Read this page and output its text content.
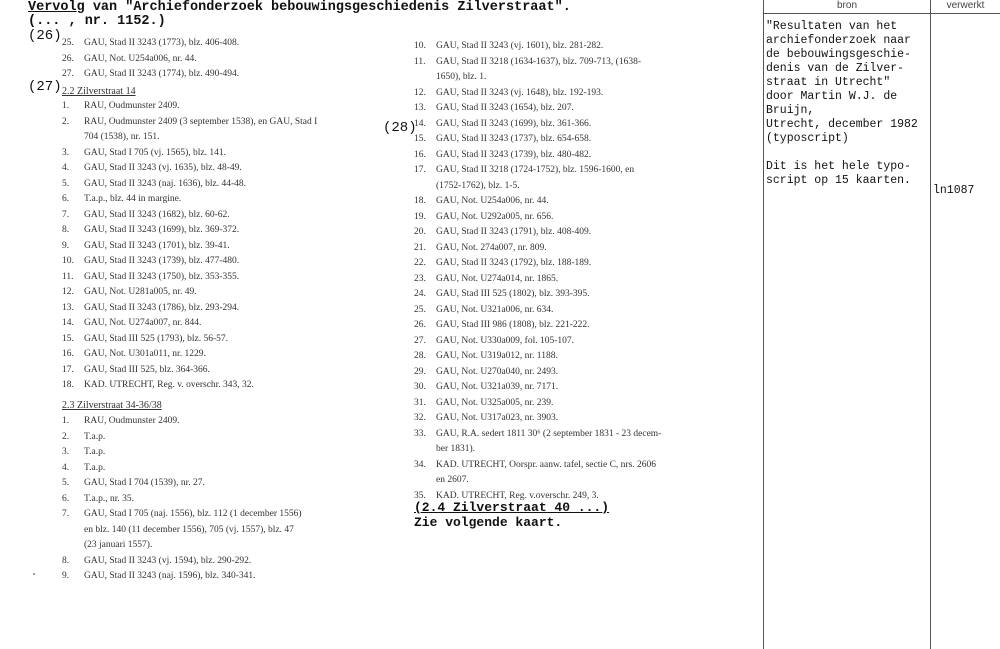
Vervolg van "Archiefonderzoek bebouwingsgeschiedenis Zilverstraat".
(... , nr. 1152.)
(26)
(27)
(28)
25.	GAU, Stad II 3243 (1773), blz. 406-408.
26.	GAU, Not. U254a006, nr. 44.
27.	GAU, Stad II 3243 (1774), blz. 490-494.
2.2 Zilverstraat 14
1.	RAU, Oudmunster 2409.
2.	RAU, Oudmunster 2409 (3 september 1538), en GAU, Stad I
704 (1538), nr. 151.
3.	GAU, Stad I 705 (vj. 1565), blz. 141.
4.	GAU, Stad II 3243 (vj. 1635), blz. 48-49.
5.	GAU, Stad II 3243 (naj. 1636), blz. 44-48.
6.	T.a.p., blz. 44 in margine.
7.	GAU, Stad II 3243 (1682), blz. 60-62.
8.	GAU, Stad II 3243 (1699), blz. 369-372.
9.	GAU, Stad II 3243 (1701), blz. 39-41.
10.	GAU, Stad II 3243 (1739), blz. 477-480.
11.	GAU, Stad II 3243 (1750), blz. 353-355.
12.	GAU, Not. U281a005, nr. 49.
13.	GAU, Stad II 3243 (1786), blz. 293-294.
14.	GAU, Not. U274a007, nr. 844.
15.	GAU, Stad III 525 (1793), blz. 56-57.
16.	GAU, Not. U301a011, nr. 1229.
17.	GAU, Stad III 525, blz. 364-366.
18.	KAD. UTRECHT, Reg. v. overschr. 343, 32.
2.3 Zilverstraat 34-36/38
1.	RAU, Oudmunster 2409.
2.	T.a.p.
3.	T.a.p.
4.	T.a.p.
5.	GAU, Stad I 704 (1539), nr. 27.
6.	T.a.p., nr. 35.
7.	GAU, Stad I 705 (naj. 1556), blz. 112 (1 december 1556)
en blz. 140 (11 december 1556), 705 (vj. 1557), blz. 47
(23 januari 1557).
8.	GAU, Stad II 3243 (vj. 1594), blz. 290-292.
9.	GAU, Stad II 3243 (naj. 1596), blz. 340-341.
10.	GAU, Stad II 3243 (vj. 1601), blz. 281-282.
11.	GAU, Stad II 3218 (1634-1637), blz. 709-713, (1638-
1650), blz. 1.
12.	GAU, Stad II 3243 (vj. 1648), blz. 192-193.
13.	GAU, Stad II 3243 (1654), blz. 207.
14.	GAU, Stad II 3243 (1699), blz. 361-366.
15.	GAU, Stad II 3243 (1737), blz. 654-658.
16.	GAU, Stad II 3243 (1739), blz. 480-482.
17.	GAU, Stad II 3218 (1724-1752), blz. 1596-1600, en
(1752-1762), blz. 1-5.
18.	GAU, Not. U254a006, nr. 44.
19.	GAU, Not. U292a005, nr. 656.
20.	GAU, Stad II 3243 (1791), blz. 408-409.
21.	GAU, Not. 274a007, nr. 809.
22.	GAU, Stad II 3243 (1792), blz. 188-189.
23.	GAU, Not. U274a014, nr. 1865.
24.	GAU, Stad III 525 (1802), blz. 393-395.
25.	GAU, Not. U321a006, nr. 634.
26.	GAU, Stad III 986 (1808), blz. 221-222.
27.	GAU, Not. U330a009, fol. 105-107.
28.	GAU, Not. U319a012, nr. 1188.
29.	GAU, Not. U270a040, nr. 2493.
30.	GAU, Not. U321a039, nr. 7171.
31.	GAU, Not. U325a005, nr. 239.
32.	GAU, Not. U317a023, nr. 3903.
33.	GAU, R.A. sedert 1811 30⁶ (2 september 1831 - 23 decem-
ber 1831).
34.	KAD. UTRECHT, Oorspr. aanw. tafel, sectie C, nrs. 2606
en 2607.
35.	KAD. UTRECHT, Reg. v.overschr. 249, 3.
(2.4 Zilverstraat 40 ...)
Zie volgende kaart.
bron	verwerkt
"Resultaten van het
archiefonderzoek naar
de bebouwingsgeschie-
denis van de Zilver-
straat in Utrecht"
door Martin W.J. de
Bruijn,
Utrecht, december 1982
(typoscript)

Dit is het hele typo-
script op 15 kaarten.
ln1087
